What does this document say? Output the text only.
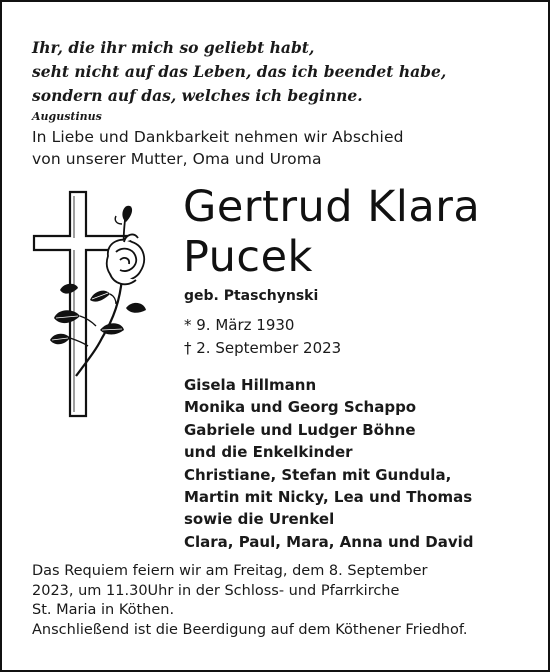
Ihr, die ihr mich so geliebt habt,
seht nicht auf das Leben, das ich beendet habe,
sondern auf das, welches ich beginne.
Augustinus
In Liebe und Dankbarkeit nehmen wir Abschied
von unserer Mutter, Oma und Uroma
Gertrud Klara
Pucek
geb. Ptaschynski
* 9. März 1930
† 2. September 2023
Gisela Hillmann
Monika und Georg Schappo
Gabriele und Ludger Böhne
und die Enkelkinder
Christiane, Stefan mit Gundula,
Martin mit Nicky, Lea und Thomas
sowie die Urenkel
Clara, Paul, Mara, Anna und David
Das Requiem feiern wir am Freitag, dem 8. September
2023, um 11.30Uhr in der Schloss- und Pfarrkirche
St. Maria in Köthen.
Anschließend ist die Beerdigung auf dem Köthener Friedhof.
